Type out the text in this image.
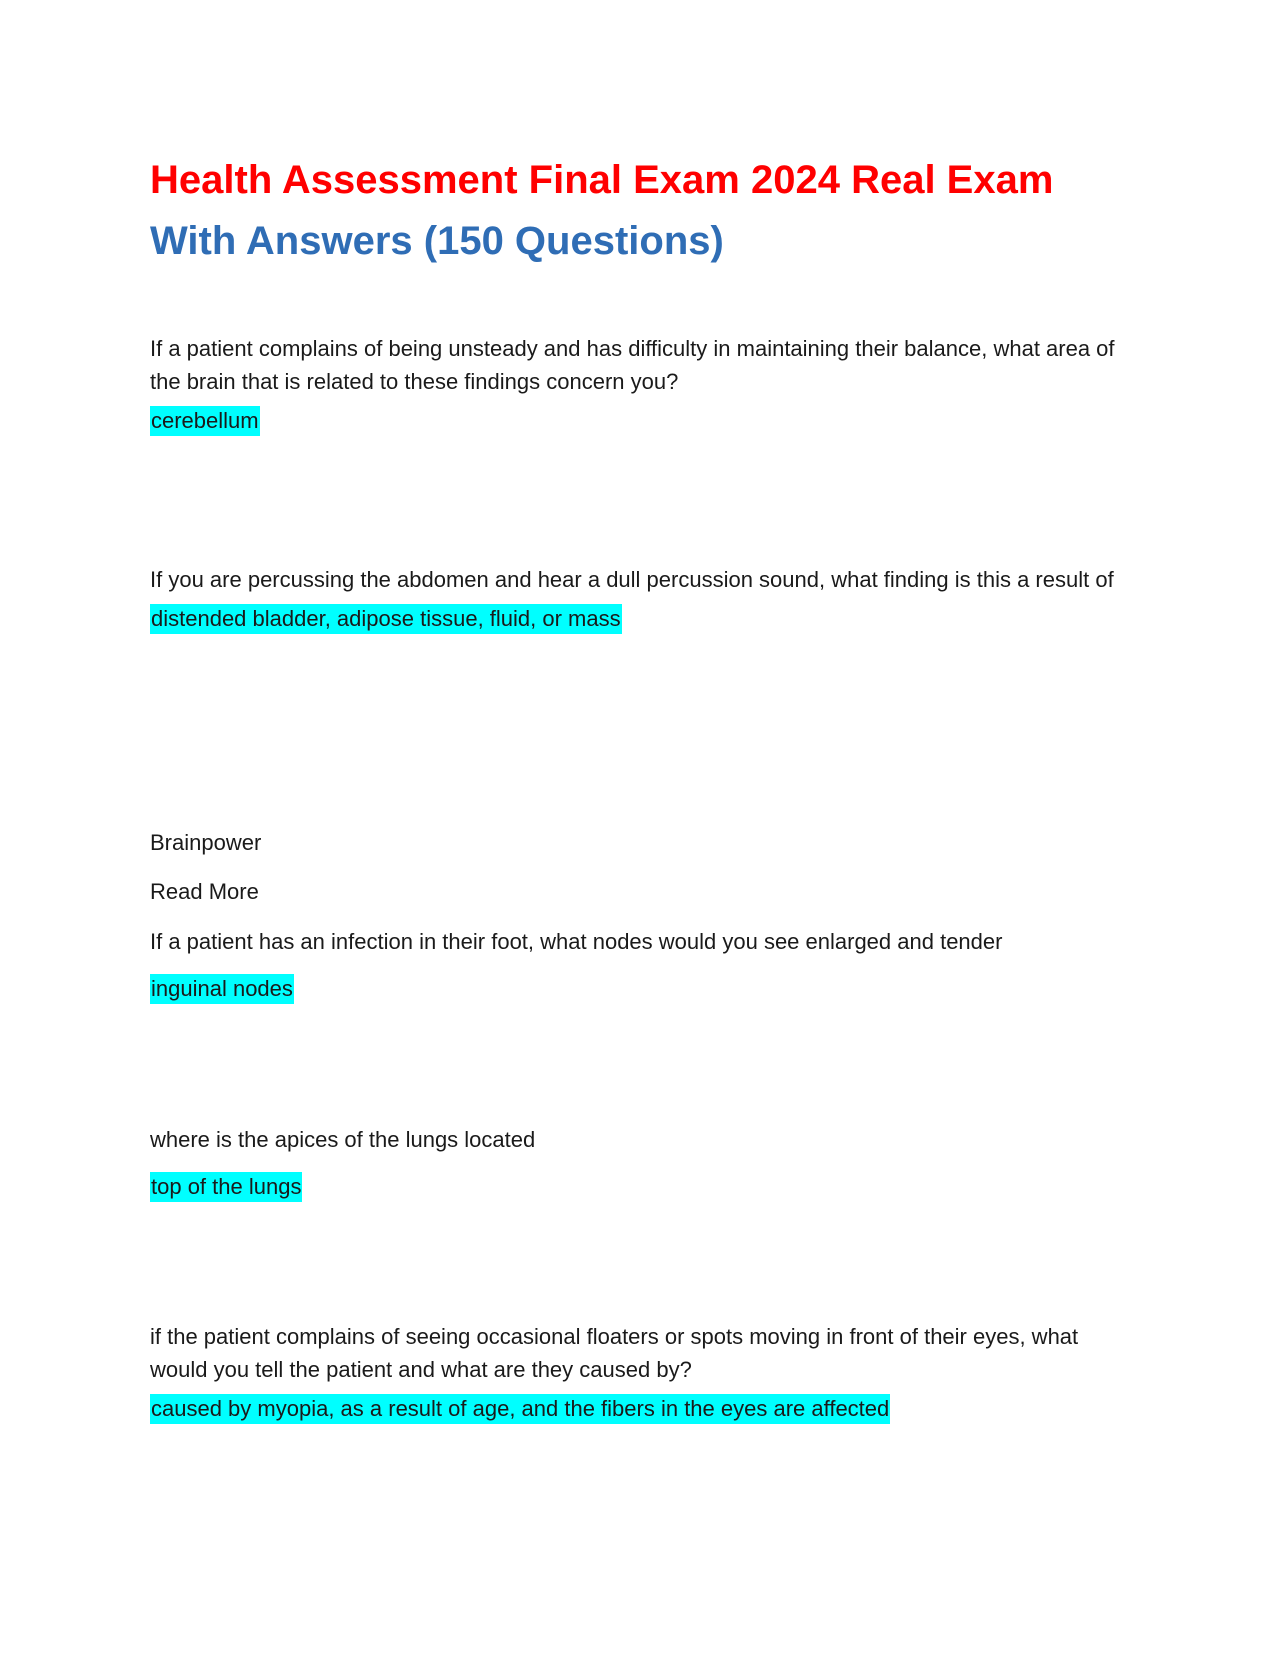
Health Assessment Final Exam 2024 Real Exam
With Answers (150 Questions)

If a patient complains of being unsteady and has difficulty in maintaining their balance, what area of the brain that is related to these findings concern you?

cerebellum

If you are percussing the abdomen and hear a dull percussion sound, what finding is this a result of

distended bladder, adipose tissue, fluid, or mass

Brainpower

Read More

If a patient has an infection in their foot, what nodes would you see enlarged and tender

inguinal nodes

where is the apices of the lungs located

top of the lungs

if the patient complains of seeing occasional floaters or spots moving in front of their eyes, what would you tell the patient and what are they caused by?

caused by myopia, as a result of age, and the fibers in the eyes are affected
